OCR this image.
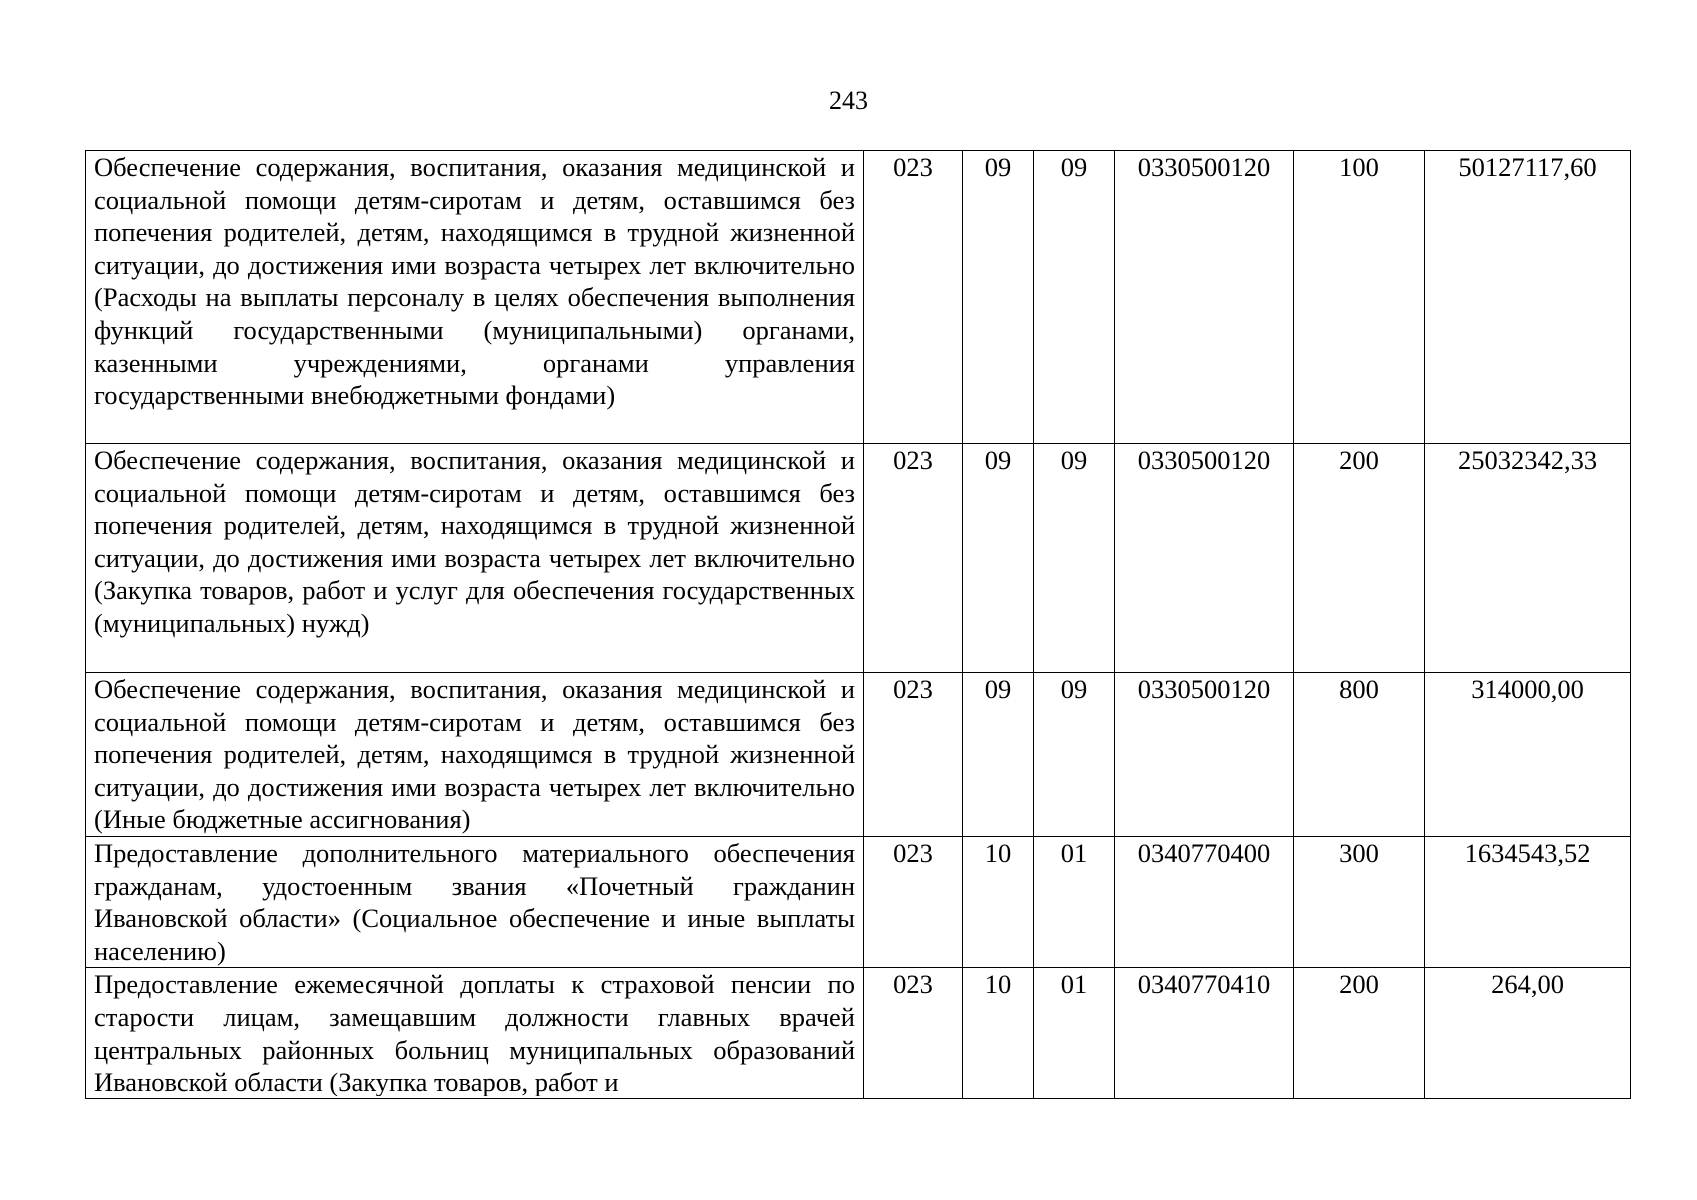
243
Обеспечение содержания, воспитания, оказания медицинской и социальной помощи детям-сиротам и детям, оставшимся без попечения родителей, детям, находящимся в трудной жизненной ситуации, до достижения ими возраста четырех лет включительно (Расходы на выплаты персоналу в целях обеспечения выполнения функций государственными (муниципальными) органами, казенными учреждениями, органами управления государственными внебюджетными фондами)	023	09	09	0330500120	100	50127117,60
Обеспечение содержания, воспитания, оказания медицинской и социальной помощи детям-сиротам и детям, оставшимся без попечения родителей, детям, находящимся в трудной жизненной ситуации, до достижения ими возраста четырех лет включительно (Закупка товаров, работ и услуг для обеспечения государственных (муниципальных) нужд)	023	09	09	0330500120	200	25032342,33
Обеспечение содержания, воспитания, оказания медицинской и социальной помощи детям-сиротам и детям, оставшимся без попечения родителей, детям, находящимся в трудной жизненной ситуации, до достижения ими возраста четырех лет включительно (Иные бюджетные ассигнования)	023	09	09	0330500120	800	314000,00
Предоставление дополнительного материального обеспечения гражданам, удостоенным звания «Почетный гражданин Ивановской области» (Социальное обеспечение и иные выплаты населению)	023	10	01	0340770400	300	1634543,52

Предоставление ежемесячной доплаты к страховой пенсии по старости лицам, замещавшим должности главных врачей центральных районных больниц муниципальных образований Ивановской области (Закупка товаров, работ и	023	10	01	0340770410	200	264,00
